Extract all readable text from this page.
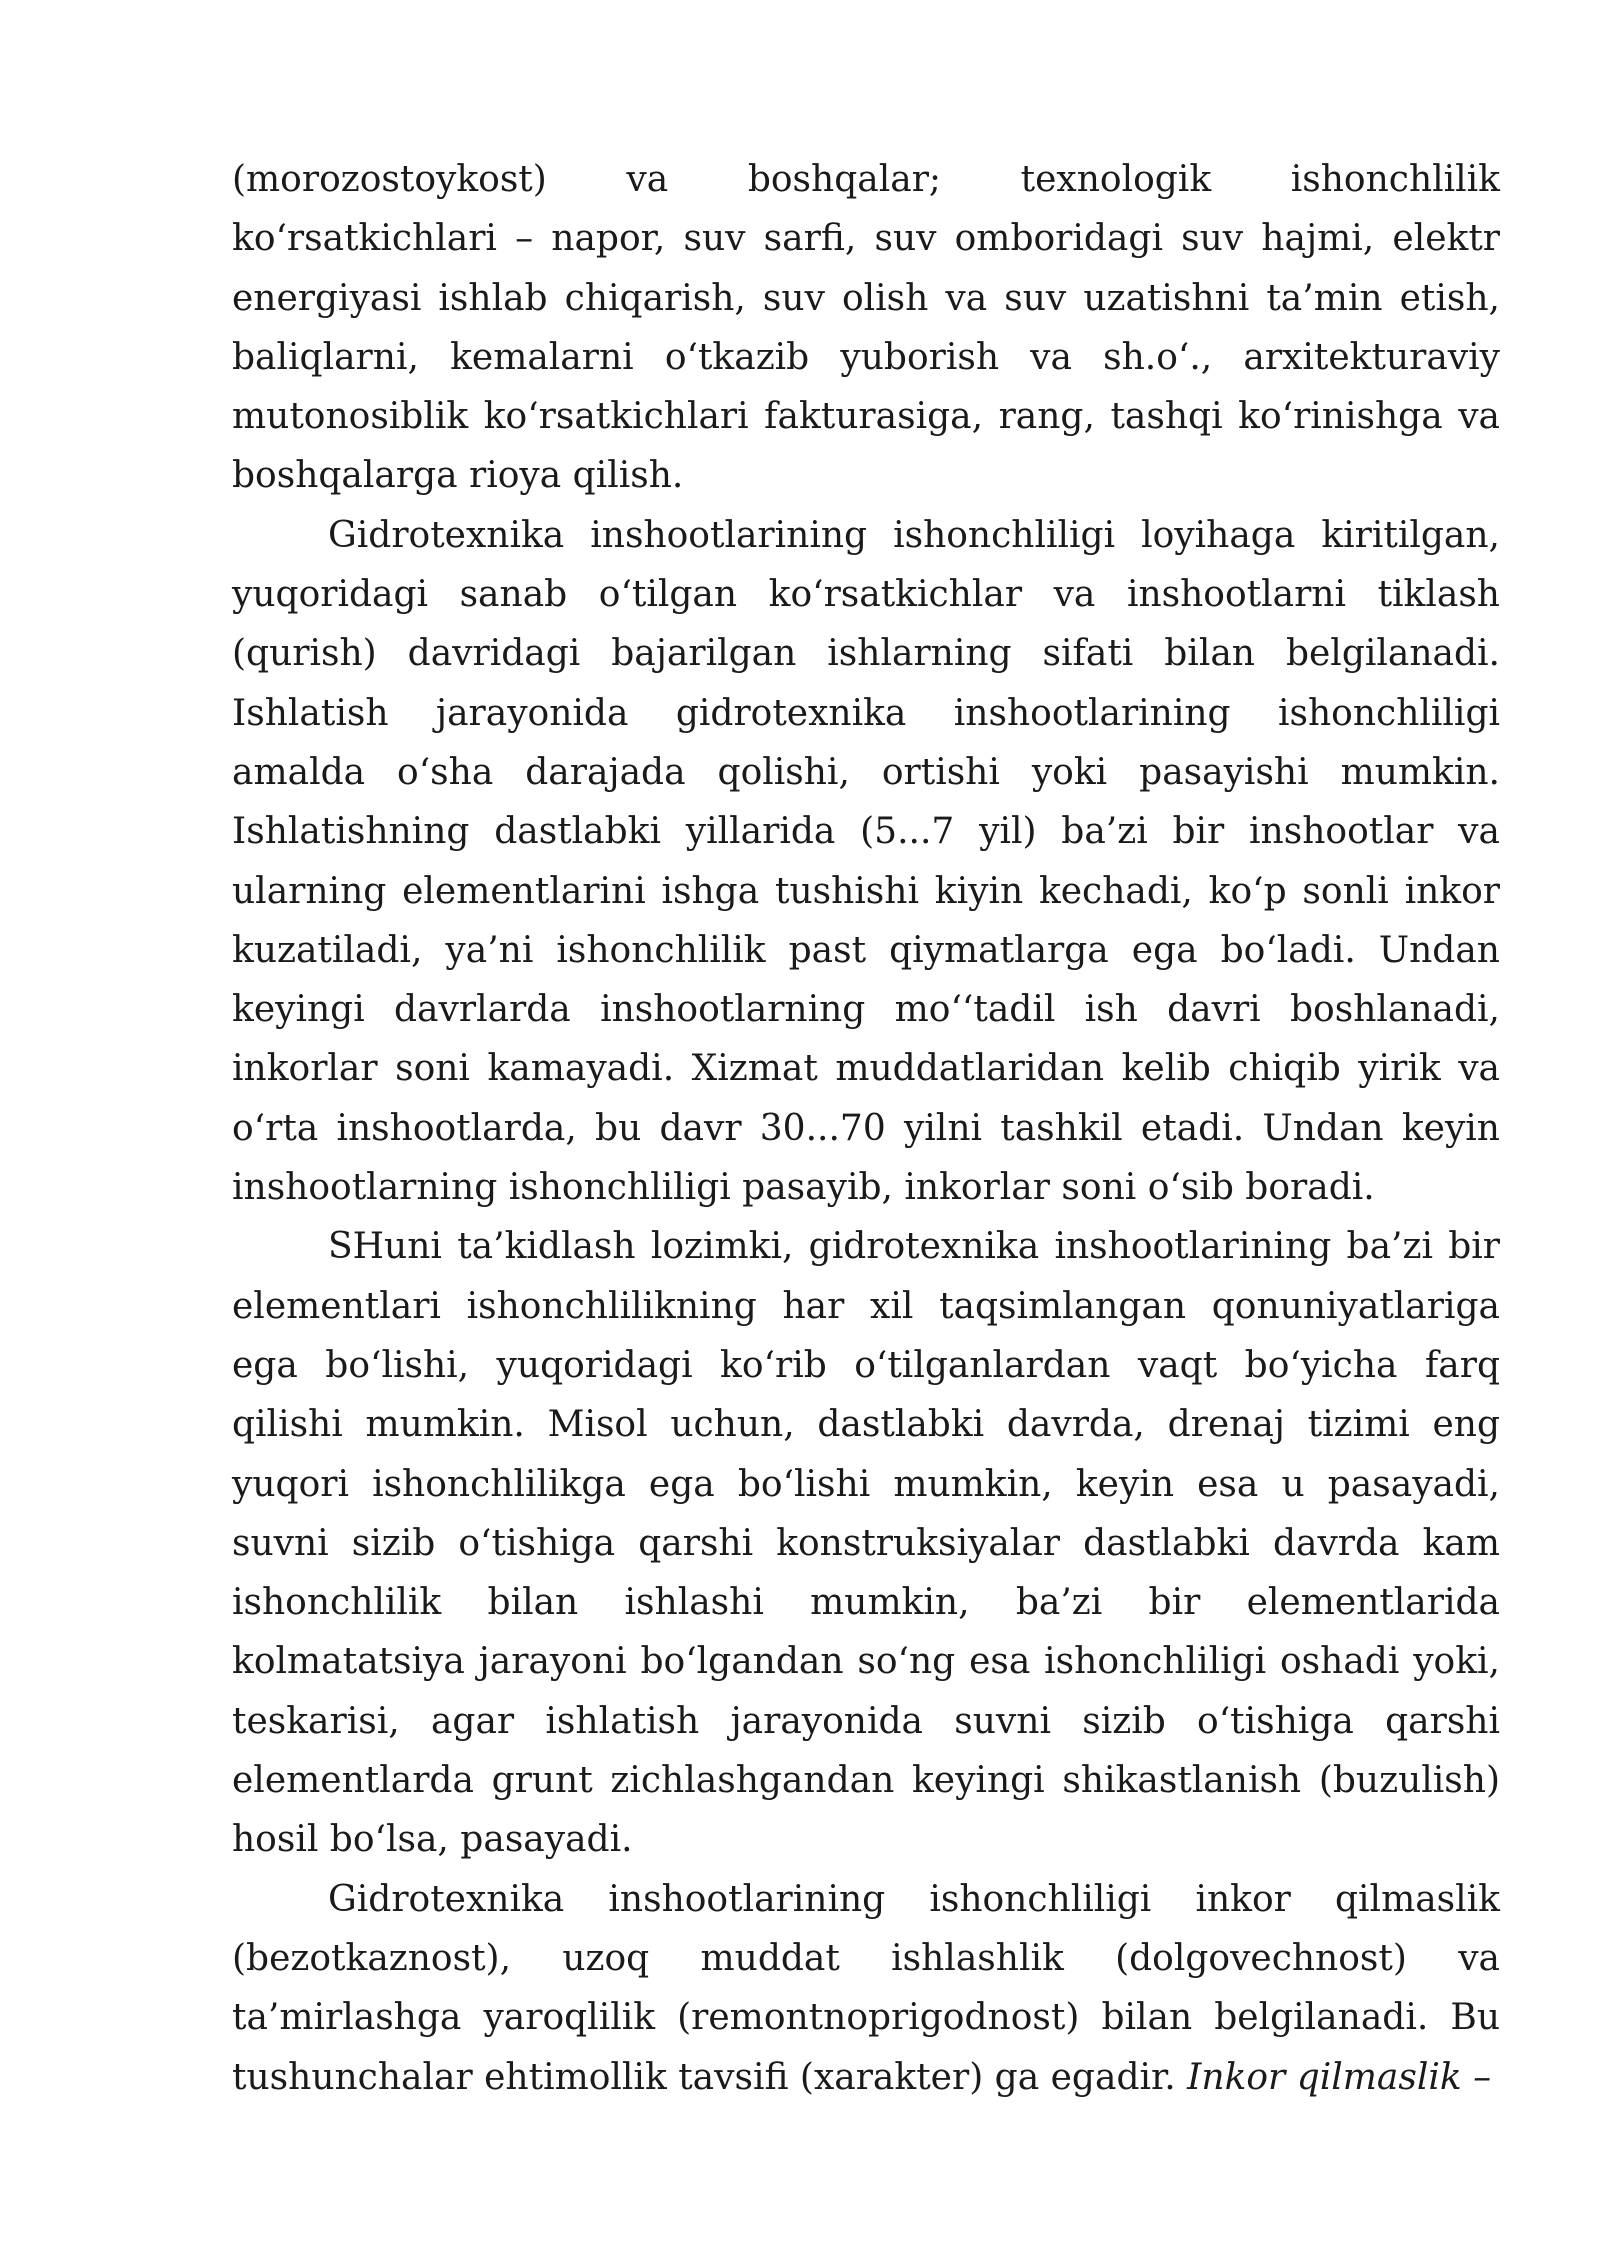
(morozostoykost) va boshqalar; texnologik ishonchlilik ko‘rsatkichlari – napor, suv sarfi, suv omboridagi suv hajmi, elektr energiyasi ishlab chiqarish, suv olish va suv uzatishni ta’min etish, baliqlarni, kemalarni o‘tkazib yuborish va sh.o‘., arxitekturaviy mutonosiblik ko‘rsatkichlari fakturasiga, rang, tashqi ko‘rinishga va boshqalarga rioya qilish.

Gidrotexnika inshootlarining ishonchliligi loyihaga kiritilgan, yuqoridagi sanab o‘tilgan ko‘rsatkichlar va inshootlarni tiklash (qurish) davridagi bajarilgan ishlarning sifati bilan belgilanadi. Ishlatish jarayonida gidrotexnika inshootlarining ishonchliligi amalda o‘sha darajada qolishi, ortishi yoki pasayishi mumkin. Ishlatishning dastlabki yillarida (5...7 yil) ba’zi bir inshootlar va ularning elementlarini ishga tushishi kiyin kechadi, ko‘p sonli inkor kuzatiladi, ya’ni ishonchlilik past qiymatlarga ega bo‘ladi. Undan keyingi davrlarda inshootlarning mo‘‘tadil ish davri boshlanadi, inkorlar soni kamayadi. Xizmat muddatlaridan kelib chiqib yirik va o‘rta inshootlarda, bu davr 30...70 yilni tashkil etadi. Undan keyin inshootlarning ishonchliligi pasayib, inkorlar soni o‘sib boradi.

SHuni ta’kidlash lozimki, gidrotexnika inshootlarining ba’zi bir elementlari ishonchlilikning har xil taqsimlangan qonuniyatlariga ega bo‘lishi, yuqoridagi ko‘rib o‘tilganlardan vaqt bo‘yicha farq qilishi mumkin. Misol uchun, dastlabki davrda, drenaj tizimi eng yuqori ishonchlilikga ega bo‘lishi mumkin, keyin esa u pasayadi, suvni sizib o‘tishiga qarshi konstruksiyalar dastlabki davrda kam ishonchlilik bilan ishlashi mumkin, ba’zi bir elementlarida kolmatatsiya jarayoni bo‘lgandan so‘ng esa ishonchliligi oshadi yoki, teskarisi, agar ishlatish jarayonida suvni sizib o‘tishiga qarshi elementlarda grunt zichlashgandan keyingi shikastlanish (buzulish) hosil bo‘lsa, pasayadi.

Gidrotexnika inshootlarining ishonchliligi inkor qilmaslik (bezotkaznost), uzoq muddat ishlashlik (dolgovechnost) va ta’mirlashga yaroqlilik (remontnoprigodnost) bilan belgilanadi. Bu tushunchalar ehtimollik tavsifi (xarakter) ga egadir. Inkor qilmaslik –
